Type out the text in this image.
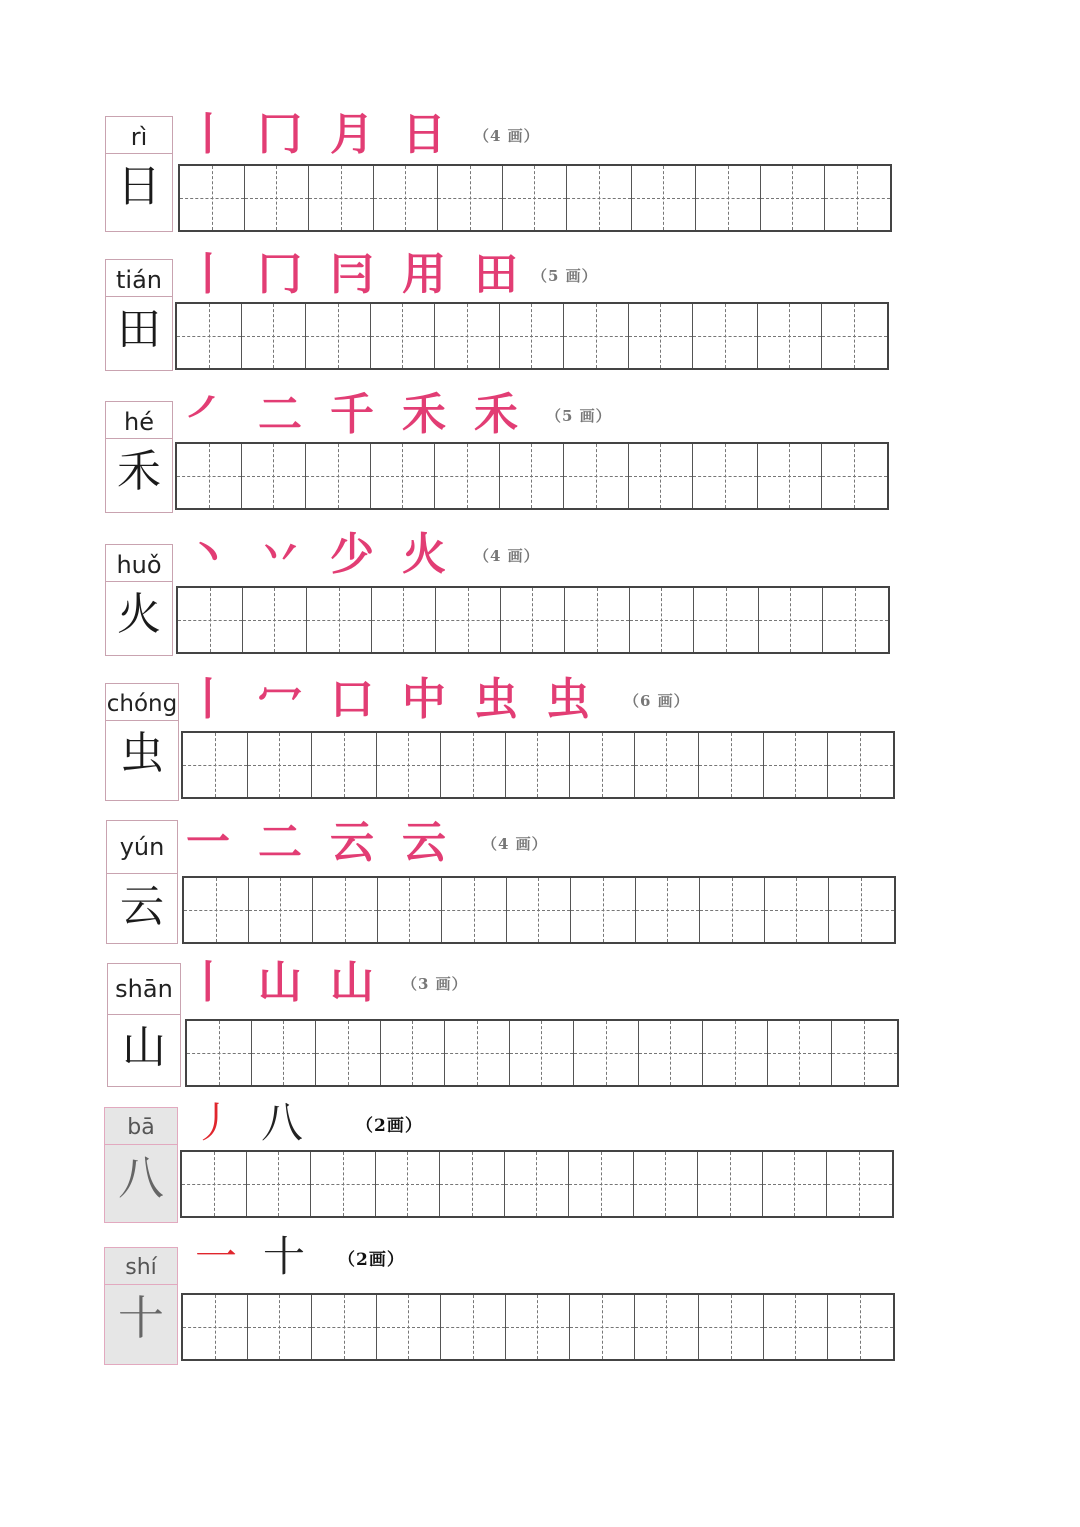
rì
日
丨 冂 月 日	（4 画）
tián
田
丨 冂 冃 用 田 （5 画）
hé
禾
㇒ 二 千 禾 禾	（5 画）
huǒ
火
丶 丷 少 火	（4 画）
chóng
虫
丨 冖 口 中 虫 虫	（6 画）
yún
云
一 二 云 云	（4 画）
shān
山
丨 山 山	（3 画）
bā
八
丿 八	（2画）
shí
十
一 十	（2画）
